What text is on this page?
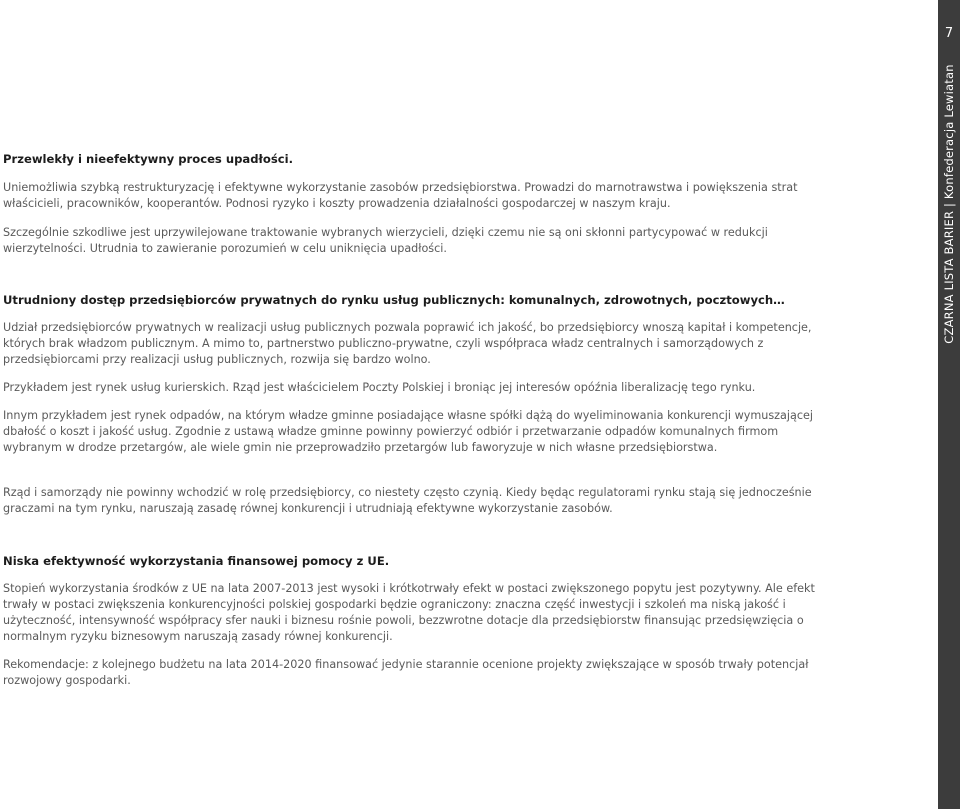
Przewlekły i nieefektywny proces upadłości.

Uniemożliwia szybką restrukturyzację i efektywne wykorzystanie zasobów przedsiębiorstwa. Prowadzi do marnotrawstwa i powiększenia strat właścicieli, pracowników, kooperantów. Podnosi ryzyko i koszty prowadzenia działalności gospodarczej w naszym kraju.

Szczególnie szkodliwe jest uprzywilejowane traktowanie wybranych wierzycieli, dzięki czemu nie są oni skłonni partycypować w redukcji wierzytelności. Utrudnia to zawieranie porozumień w celu uniknięcia upadłości.

Utrudniony dostęp przedsiębiorców prywatnych do rynku usług publicznych: komunalnych, zdrowotnych, pocztowych…

Udział przedsiębiorców prywatnych w realizacji usług publicznych pozwala poprawić ich jakość, bo przedsiębiorcy wnoszą kapitał i kompetencje, których brak władzom publicznym. A mimo to, partnerstwo publiczno-prywatne, czyli współpraca władz centralnych i samorządowych z przedsiębiorcami przy realizacji usług publicznych, rozwija się bardzo wolno.

Przykładem jest rynek usług kurierskich. Rząd jest właścicielem Poczty Polskiej i broniąc jej interesów opóźnia liberalizację tego rynku.

Innym przykładem jest rynek odpadów, na którym władze gminne posiadające własne spółki dążą do wyeliminowania konkurencji wymuszającej dbałość o koszt i jakość usług. Zgodnie z ustawą władze gminne powinny powierzyć odbiór i przetwarzanie odpadów komunalnych firmom wybranym w drodze przetargów, ale wiele gmin nie przeprowadziło przetargów lub faworyzuje w nich własne przedsiębiorstwa.

Rząd i samorządy nie powinny wchodzić w rolę przedsiębiorcy, co niestety często czynią. Kiedy będąc regulatorami rynku stają się jednocześnie graczami na tym rynku, naruszają zasadę równej konkurencji i utrudniają efektywne wykorzystanie zasobów.

Niska efektywność wykorzystania finansowej pomocy z UE.

Stopień wykorzystania środków z UE na lata 2007-2013 jest wysoki i krótkotrwały efekt w postaci zwiększonego popytu jest pozytywny. Ale efekt trwały w postaci zwiększenia konkurencyjności polskiej gospodarki będzie ograniczony: znaczna część inwestycji i szkoleń ma niską jakość i użyteczność, intensywność współpracy sfer nauki i biznesu rośnie powoli, bezzwrotne dotacje dla przedsiębiorstw finansując przedsięwzięcia o normalnym ryzyku biznesowym naruszają zasady równej konkurencji.

Rekomendacje: z kolejnego budżetu na lata 2014-2020 finansować jedynie starannie ocenione projekty zwiększające w sposób trwały potencjał rozwojowy gospodarki.

7
CZARNA LISTA BARIER | Konfederacja Lewiatan
